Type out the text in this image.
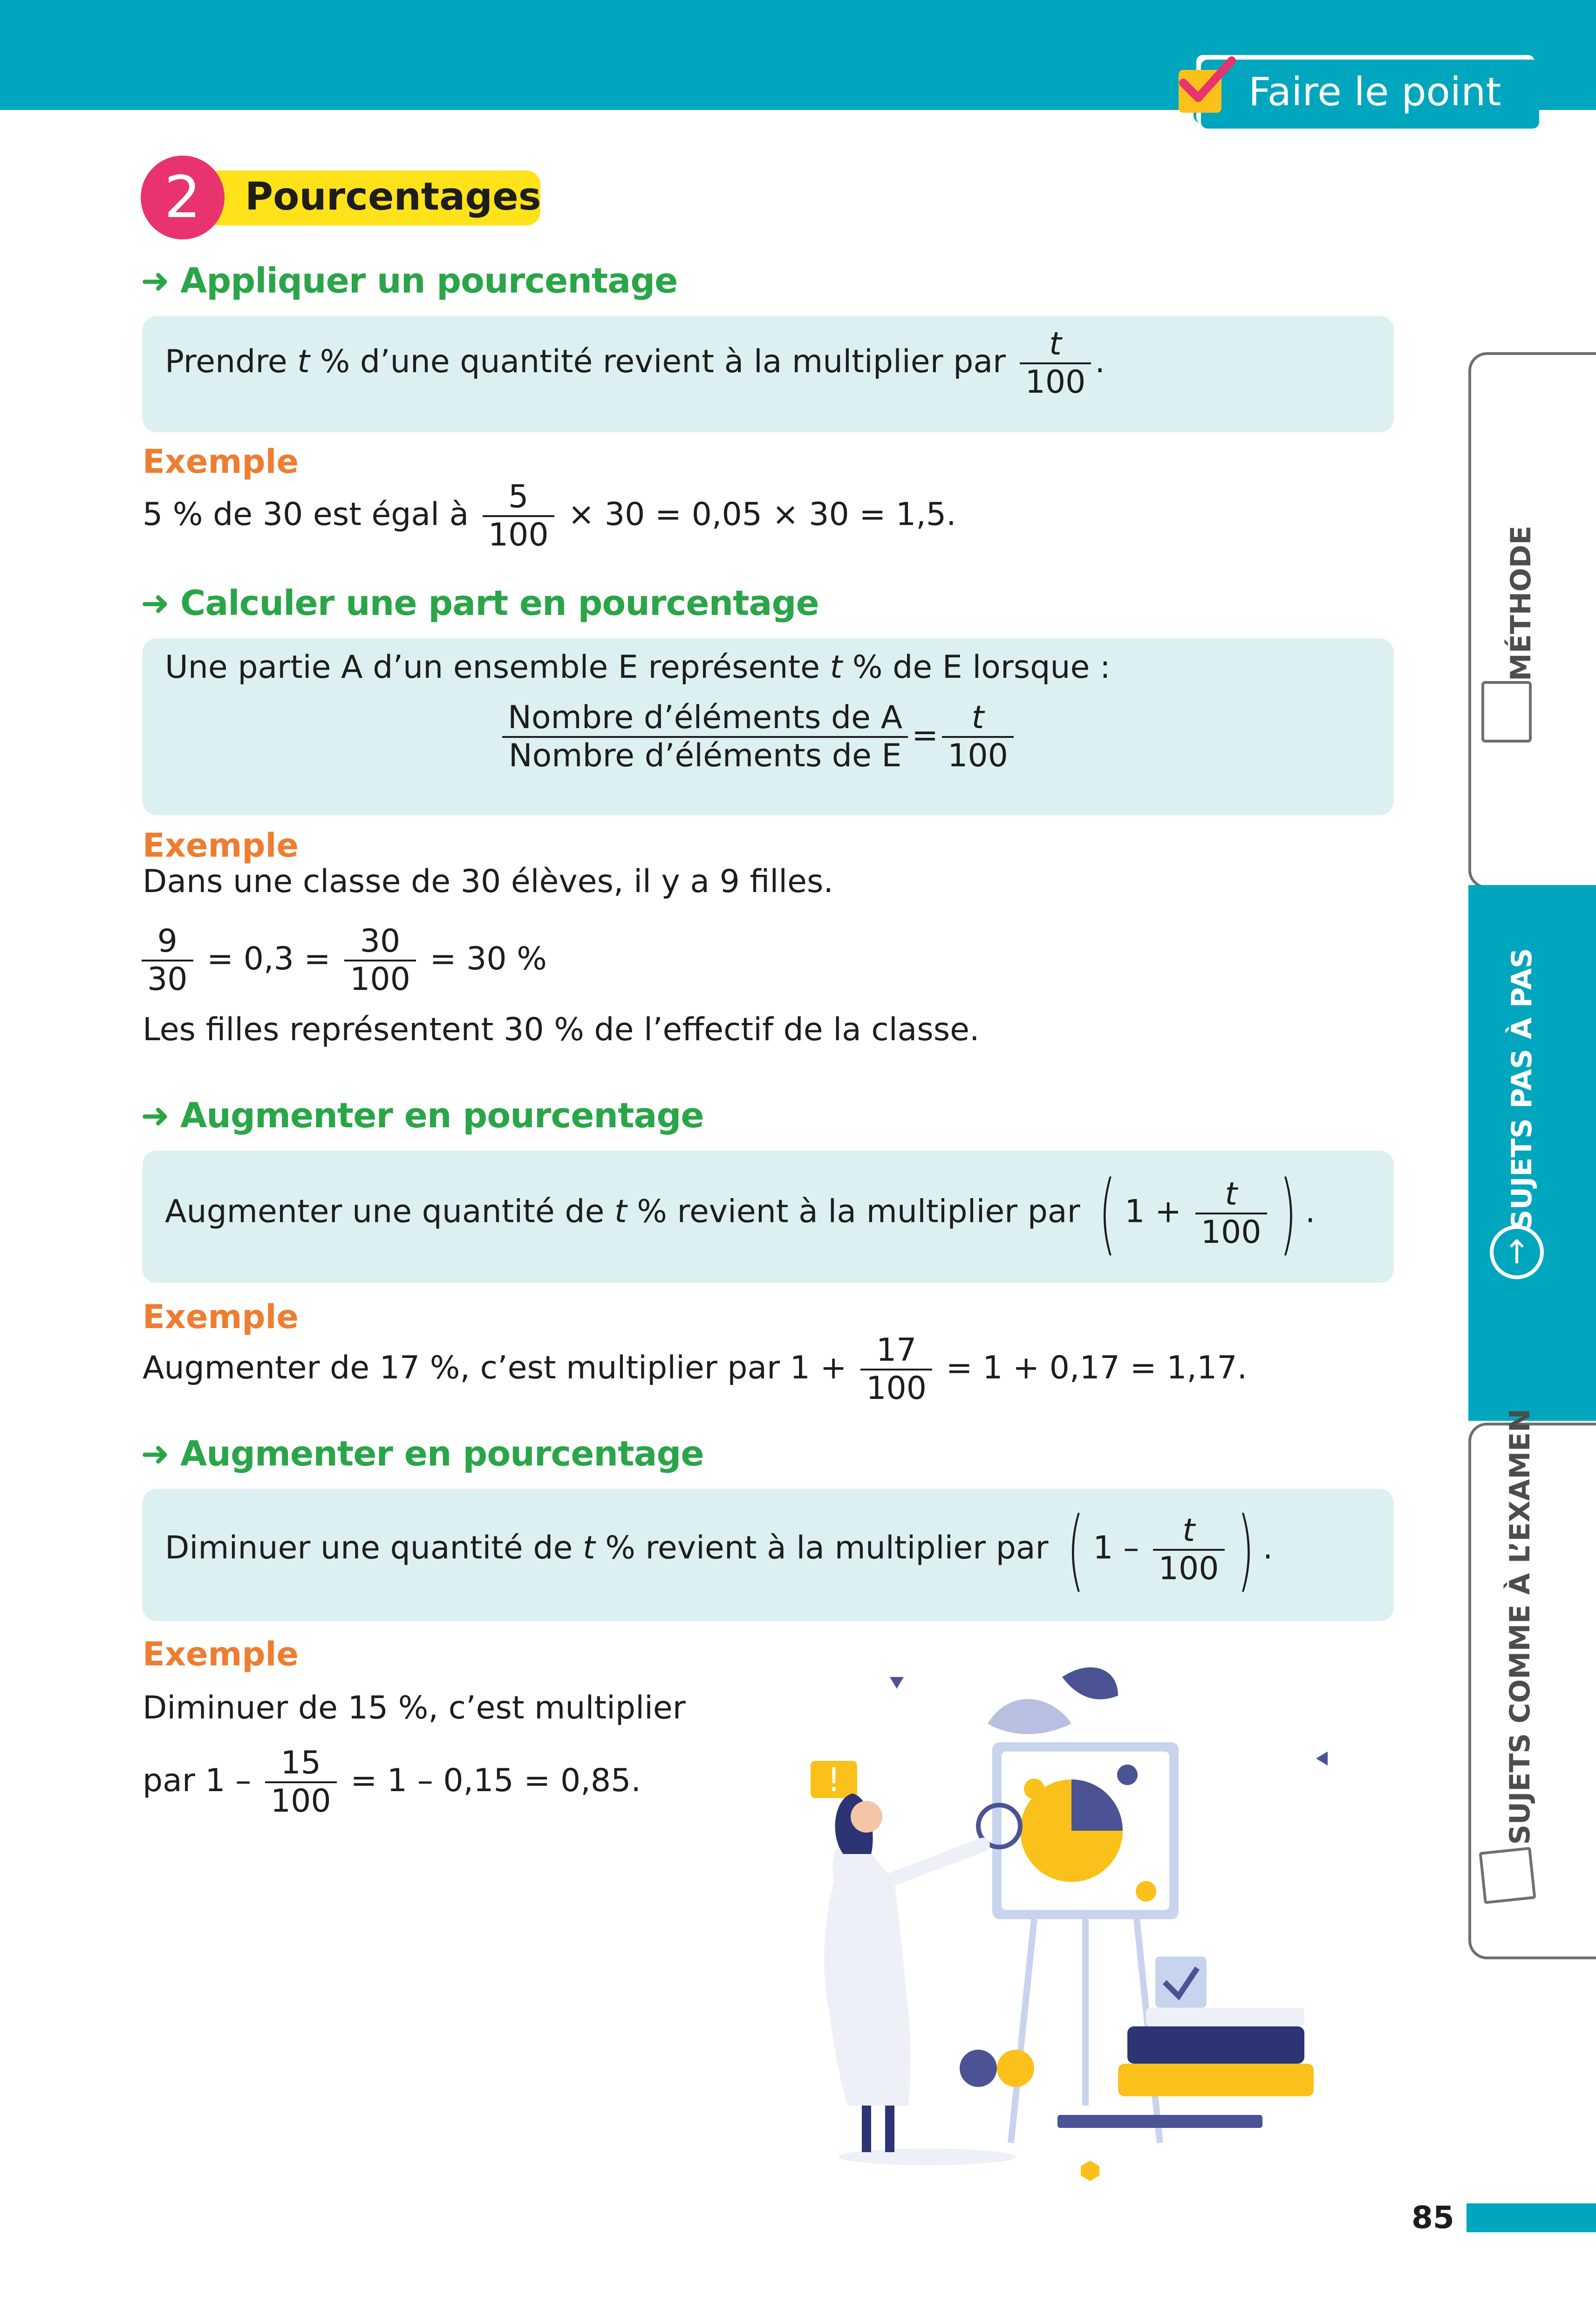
Faire le point
2	Pourcentages
➜ Appliquer un pourcentage
Prendre t % d’une quantité revient à la multiplier par $\frac{t}{100}$ .
Exemple
5 % de 30 est égal à $\frac{5}{100} \times 30 = 0,05 \times 30 = 1,5$.
➜ Calculer une part en pourcentage
Une partie A d’un ensemble E représente t % de E lorsque :
$\frac{\text{Nombre d’éléments de A}}{\text{Nombre d’éléments de E}} = \frac{t}{100}$
Exemple
Dans une classe de 30 élèves, il y a 9 filles.
$\frac{9}{30} = 0,3 = \frac{30}{100} = 30$ %
Les filles représentent 30 % de l’effectif de la classe.
➜ Augmenter en pourcentage
Augmenter une quantité de t % revient à la multiplier par ( $1 + \frac{t}{100}$ ) .
Exemple
Augmenter de 17 %, c’est multiplier par $1 + \frac{17}{100} = 1 + 0,17 = 1,17$.
➜ Augmenter en pourcentage
Diminuer une quantité de t % revient à la multiplier par ( $1 - \frac{t}{100}$ ) .
Exemple
Diminuer de 15 %, c’est multiplier
par $1 - \frac{15}{100} = 1 - 0,15 = 0,85$.	!
MÉTHODE
SUJETS PAS À PAS
↑
SUJETS COMME À L’EXAMEN
85
